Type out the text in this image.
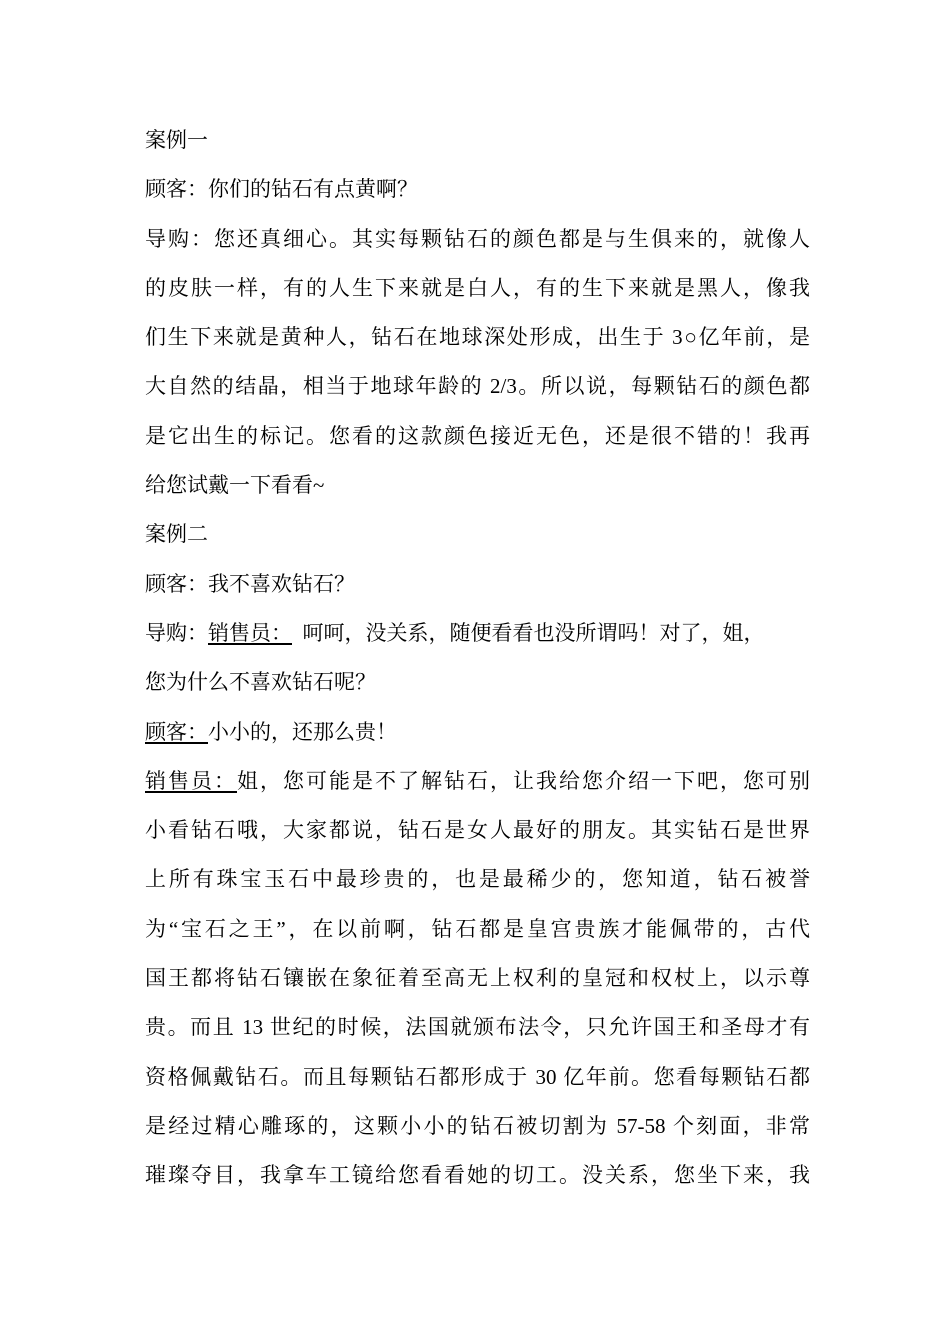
案例一
顾客：你们的钻石有点黄啊？
导购：您还真细心。其实每颗钻石的颜色都是与生俱来的，就像人
的皮肤一样，有的人生下来就是白人，有的生下来就是黑人，像我
们生下来就是黄种人，钻石在地球深处形成，出生于 3○亿年前，是
大自然的结晶，相当于地球年龄的 2/3。所以说，每颗钻石的颜色都
是它出生的标记。您看的这款颜色接近无色，还是很不错的！我再
给您试戴一下看看~
案例二
顾客：我不喜欢钻石？
导购：销售员：  呵呵，没关系，随便看看也没所谓吗！对了，姐，
您为什么不喜欢钻石呢？
顾客：小小的，还那么贵！
销售员：姐，您可能是不了解钻石，让我给您介绍一下吧，您可别
小看钻石哦，大家都说，钻石是女人最好的朋友。其实钻石是世界
上所有珠宝玉石中最珍贵的，也是最稀少的，您知道，钻石被誉
为“宝石之王”，在以前啊，钻石都是皇宫贵族才能佩带的，古代
国王都将钻石镶嵌在象征着至高无上权利的皇冠和权杖上，以示尊
贵。而且 13 世纪的时候，法国就颁布法令，只允许国王和圣母才有
资格佩戴钻石。而且每颗钻石都形成于 30 亿年前。您看每颗钻石都
是经过精心雕琢的，这颗小小的钻石被切割为 57-58 个刻面，非常
璀璨夺目，我拿车工镜给您看看她的切工。没关系，您坐下来，我
